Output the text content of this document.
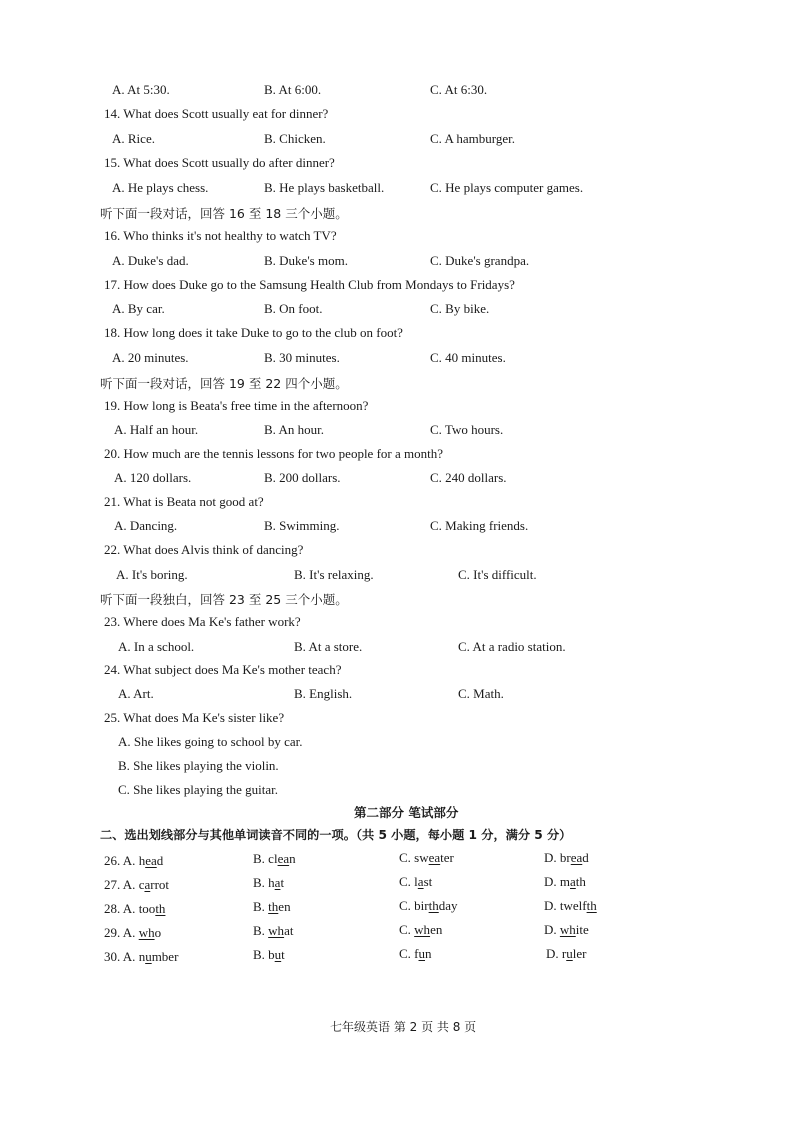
A. At 5:30.	B. At 6:00.	C. At 6:30.
14. What does Scott usually eat for dinner?
A. Rice.	B. Chicken.	C. A hamburger.
15. What does Scott usually do after dinner?
A. He plays chess.	B. He plays basketball.	C. He plays computer games.
听下面一段对话，回答 16 至 18 三个小题。
16. Who thinks it's not healthy to watch TV?
A. Duke's dad.	B. Duke's mom.	C. Duke's grandpa.
17. How does Duke go to the Samsung Health Club from Mondays to Fridays?
A. By car.	B. On foot.	C. By bike.
18. How long does it take Duke to go to the club on foot?
A. 20 minutes.	B. 30 minutes.	C. 40 minutes.
听下面一段对话，回答 19 至 22 四个小题。
19. How long is Beata's free time in the afternoon?
A. Half an hour.	B. An hour.	C. Two hours.
20. How much are the tennis lessons for two people for a month?
A. 120 dollars.	B. 200 dollars.	C. 240 dollars.
21. What is Beata not good at?
A. Dancing.	B. Swimming.	C. Making friends.
22. What does Alvis think of dancing?
A. It's boring.	B. It's relaxing.	C. It's difficult.
听下面一段独白，回答 23 至 25 三个小题。
23. Where does Ma Ke's father work?
A. In a school.	B. At a store.	C. At a radio station.
24. What subject does Ma Ke's mother teach?
A. Art.	B. English.	C. Math.
25. What does Ma Ke's sister like?
A. She likes going to school by car.
B. She likes playing the violin.
C. She likes playing the guitar.
第二部分 笔试部分
二、选出划线部分与其他单词读音不同的一项。（共 5 小题，每小题 1 分，满分 5 分）
26. A. head	B. clean	C. sweater	D. bread
27. A. carrot	B. hat	C. last	D. math
28. A. tooth	B. then	C. birthday	D. twelfth
29. A. who	B. what	C. when	D. white
30. A. number	B. but	C. fun	D. ruler
七年级英语 第 2 页 共 8 页
